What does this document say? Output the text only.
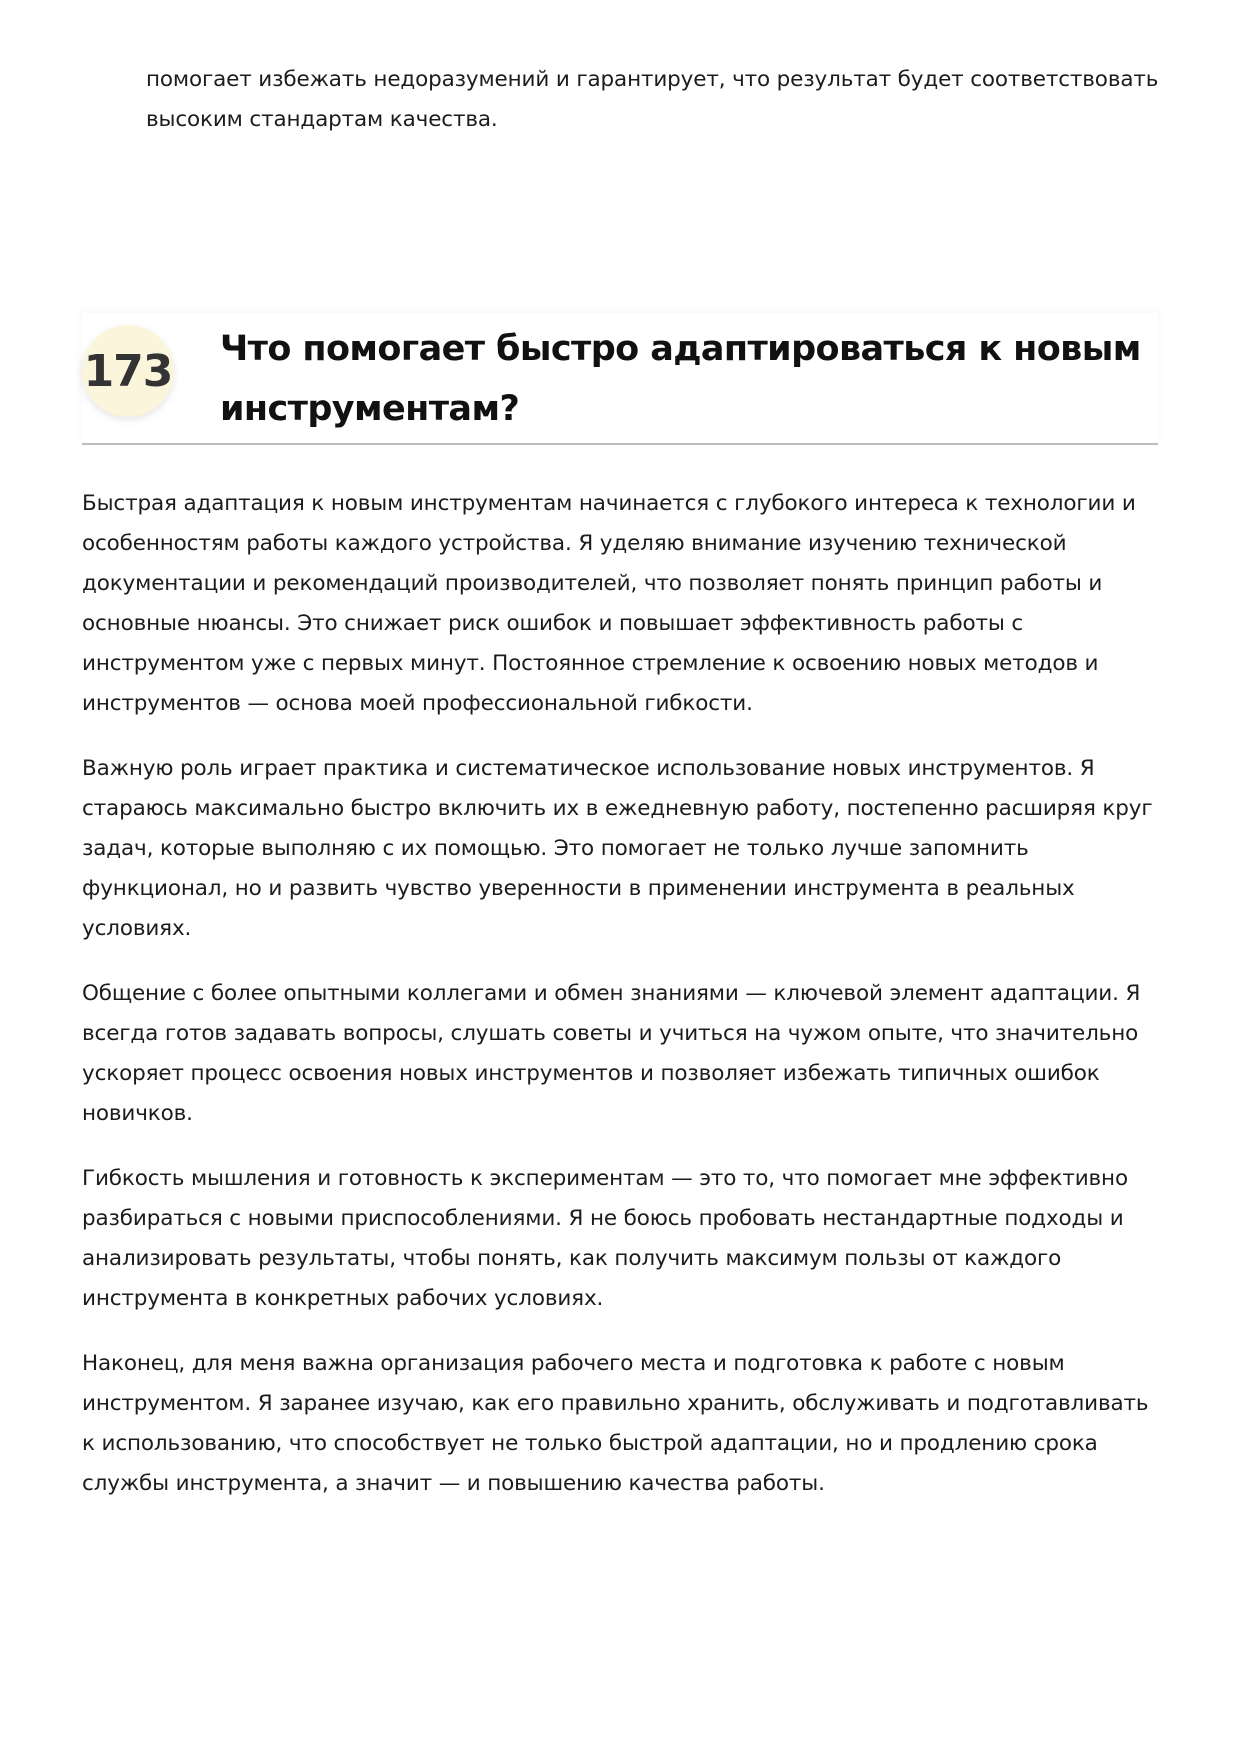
помогает избежать недоразумений и гарантирует, что результат будет соответствовать высоким стандартам качества.
173 Что помогает быстро адаптироваться к новым инструментам?

Быстрая адаптация к новым инструментам начинается с глубокого интереса к технологии и особенностям работы каждого устройства. Я уделяю внимание изучению технической документации и рекомендаций производителей, что позволяет понять принцип работы и основные нюансы. Это снижает риск ошибок и повышает эффективность работы с инструментом уже с первых минут. Постоянное стремление к освоению новых методов и инструментов — основа моей профессиональной гибкости.

Важную роль играет практика и систематическое использование новых инструментов. Я стараюсь максимально быстро включить их в ежедневную работу, постепенно расширяя круг задач, которые выполняю с их помощью. Это помогает не только лучше запомнить функционал, но и развить чувство уверенности в применении инструмента в реальных условиях.

Общение с более опытными коллегами и обмен знаниями — ключевой элемент адаптации. Я всегда готов задавать вопросы, слушать советы и учиться на чужом опыте, что значительно ускоряет процесс освоения новых инструментов и позволяет избежать типичных ошибок новичков.

Гибкость мышления и готовность к экспериментам — это то, что помогает мне эффективно разбираться с новыми приспособлениями. Я не боюсь пробовать нестандартные подходы и анализировать результаты, чтобы понять, как получить максимум пользы от каждого инструмента в конкретных рабочих условиях.

Наконец, для меня важна организация рабочего места и подготовка к работе с новым инструментом. Я заранее изучаю, как его правильно хранить, обслуживать и подготавливать к использованию, что способствует не только быстрой адаптации, но и продлению срока службы инструмента, а значит — и повышению качества работы.
